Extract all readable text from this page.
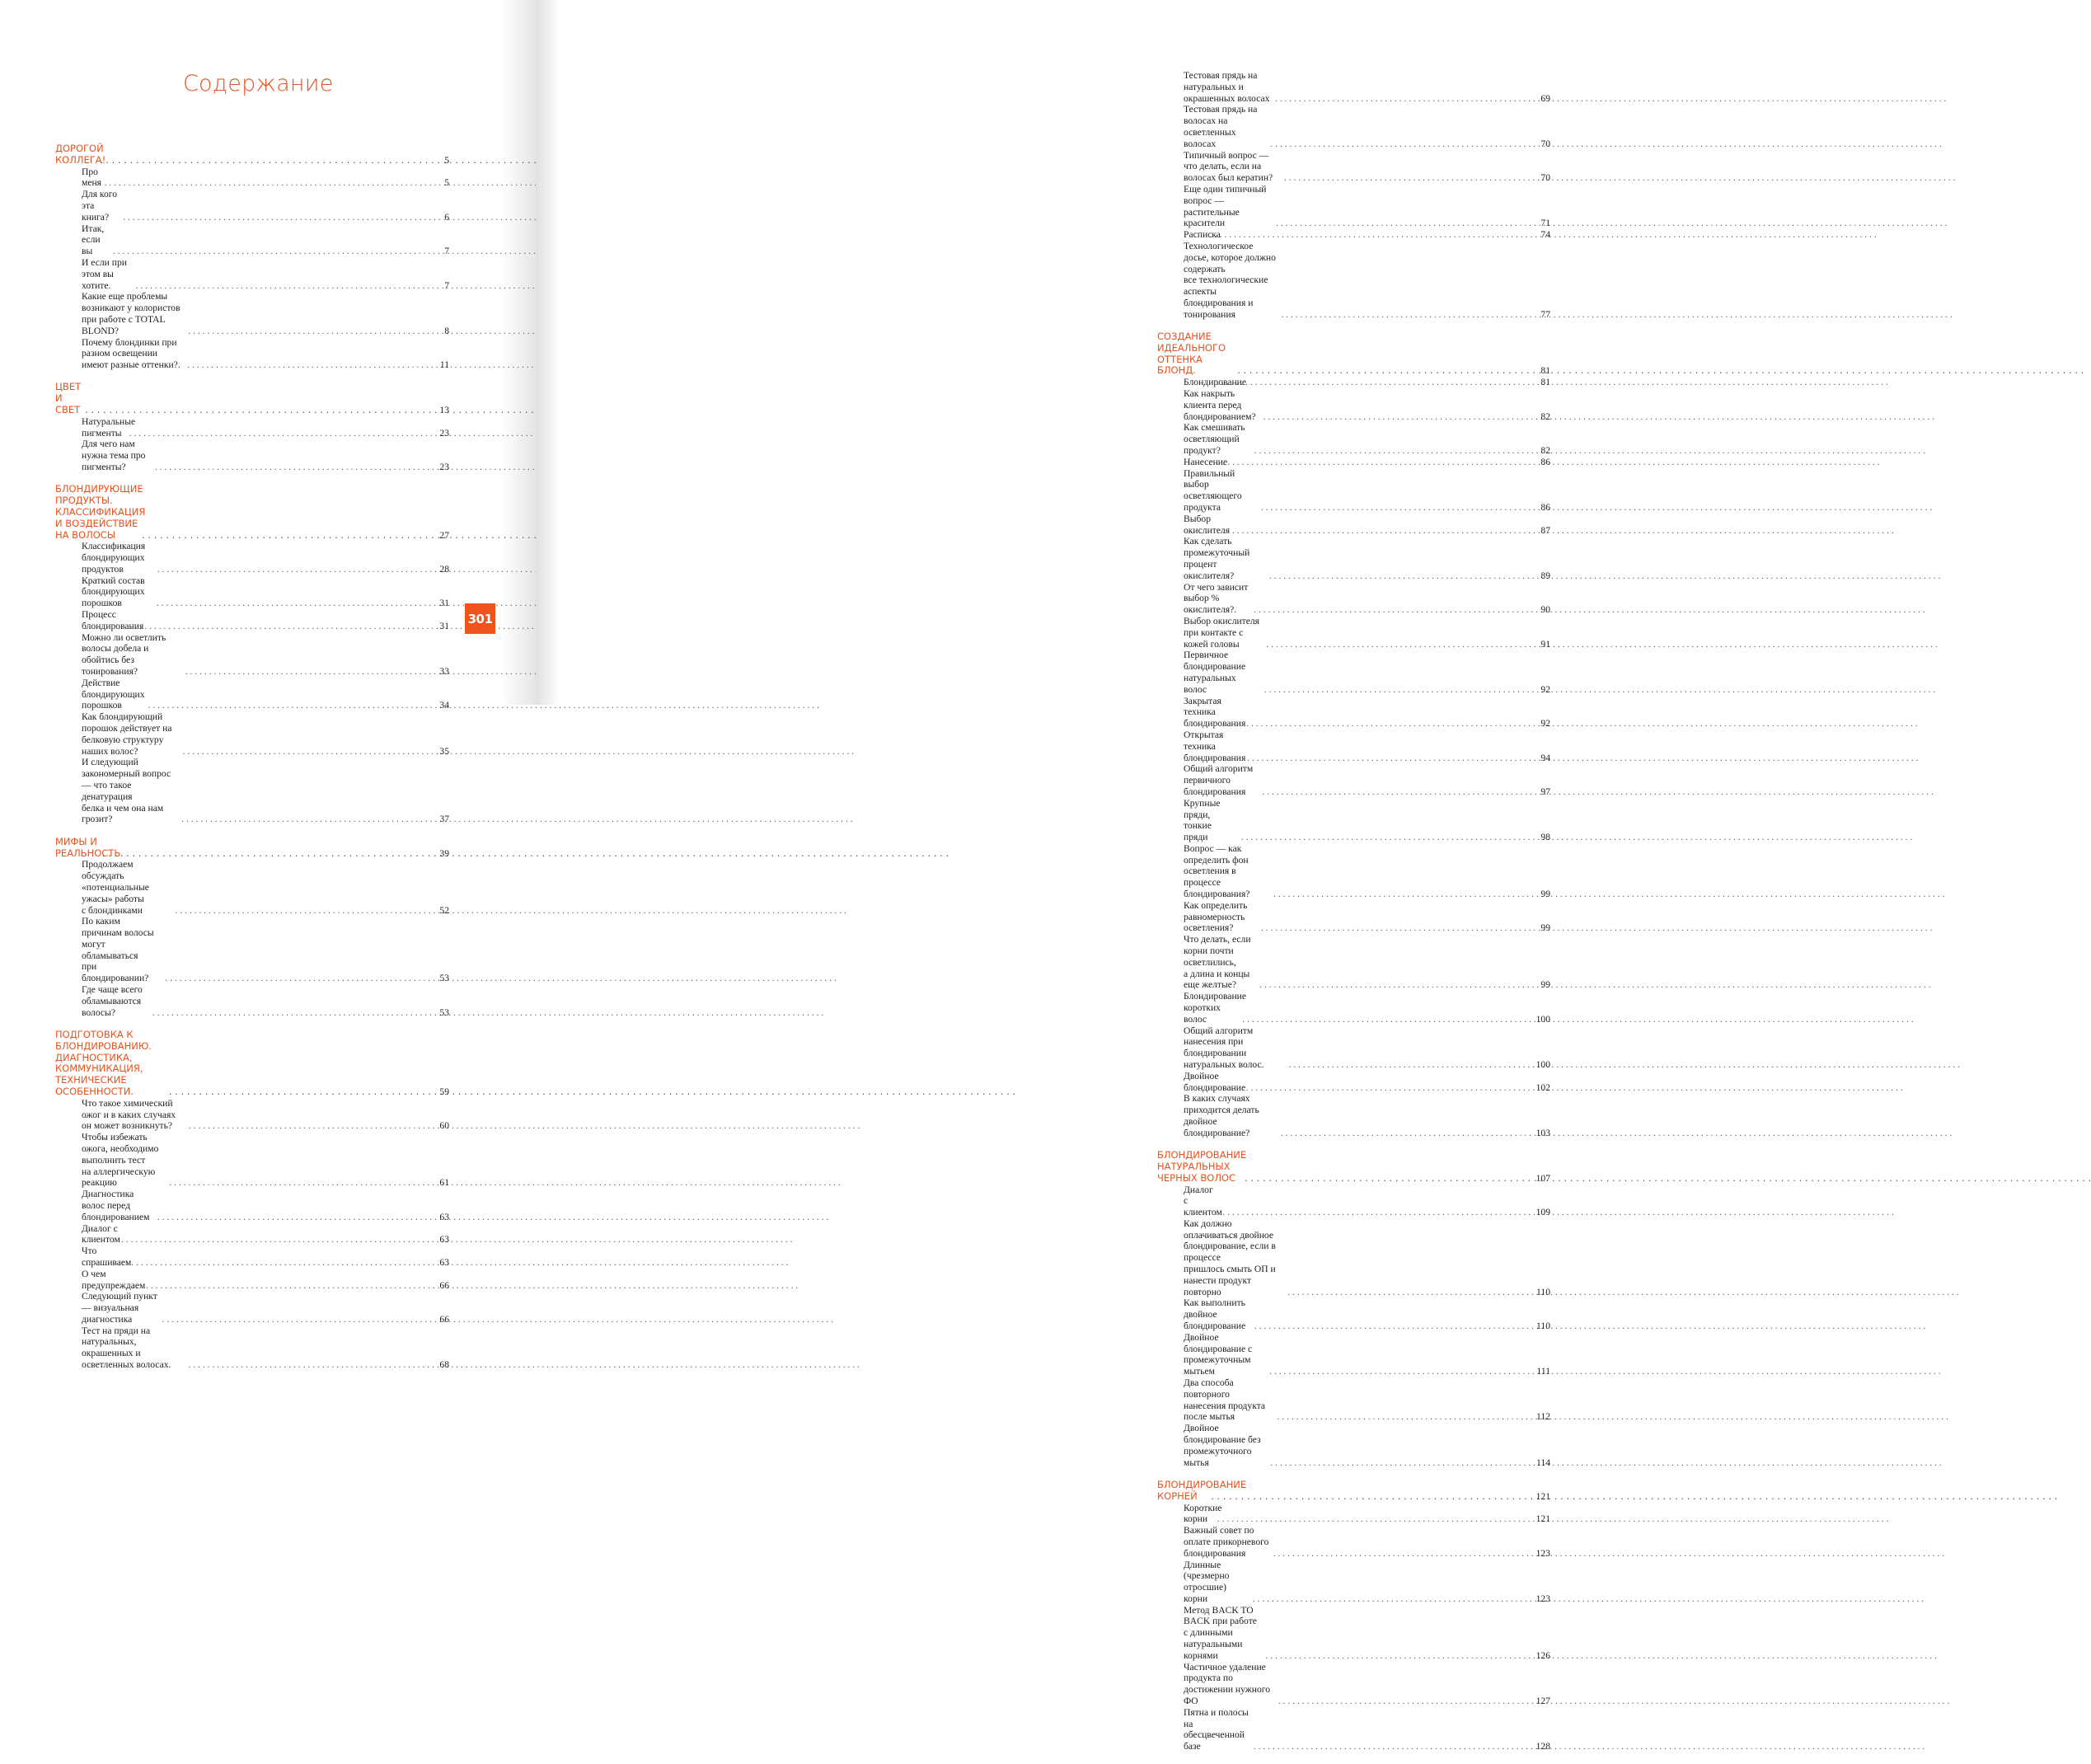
Содержание
ДОРОГОЙ КОЛЛЕГА! . . .	5
Про меня . . .	5
Для кого эта книга? . . .	6
Итак, если вы . . .	7
И если при этом вы хотите. . . .	7
Какие еще проблемы возникают у колористов при работе с TOTAL
BLOND? . . .	8
Почему блондинки при разном освещении имеют разные оттенки?. . . .	11
ЦВЕТ И СВЕТ . . .	13
Натуральные пигменты . . .	23
Для чего нам нужна тема про пигменты? . . .	23
БЛОНДИРУЮЩИЕ ПРОДУКТЫ.
КЛАССИФИКАЦИЯ И ВОЗДЕЙСТВИЕ НА ВОЛОСЫ . . .	27
Классификация блондирующих продуктов . . .	28
Краткий состав блондирующих порошков . . .	31
Процесс блондирования . . .	31
Можно ли осветлить волосы добела и обойтись без тонирования? . . .	33
Действие блондирующих порошков . . .	34
Как блондирующий порошок действует на белковую структуру
наших волос? . . .	35
И следующий закономерный вопрос — что такое денатурация
белка и чем она нам грозит? . . .	37
МИФЫ И РЕАЛЬНОСТЬ . . .	39
Продолжаем обсуждать «потенциальные ужасы» работы
с блондинками . . .	52
По каким причинам волосы могут обламываться
при блондировании? . . .	53
Где чаще всего обламываются волосы? . . .	53
ПОДГОТОВКА К БЛОНДИРОВАНИЮ. ДИАГНОСТИКА, КОММУНИКАЦИЯ,
ТЕХНИЧЕСКИЕ ОСОБЕННОСТИ. . . .	59
Что такое химический ожог и в каких случаях он может возникнуть? . . .	60
Чтобы избежать ожога, необходимо выполнить тест
на аллергическую реакцию . . .	61
Диагностика волос перед блондированием . . .	63
Диалог с клиентом . . .	63
Что спрашиваем . . .	63
О чем предупреждаем . . .	66
Следующий пункт — визуальная диагностика . . .	66
Тест на пряди на натуральных, окрашенных и осветленных волосах. . . .	68
301
Тестовая прядь на натуральных и окрашенных волосах . . .	69
Тестовая прядь на волосах на осветленных волосах . . .	70
Типичный вопрос — что делать, если на волосах был кератин? . . .	70
Еще один типичный вопрос — растительные красители . . .	71
Расписка . . .	74
Технологическое досье, которое должно содержать
все технологические аспекты блондирования и тонирования . . .	77
СОЗДАНИЕ ИДЕАЛЬНОГО ОТТЕНКА БЛОНД. . . .	81
Блондирование . . .	81
Как накрыть клиента перед блондированием? . . .	82
Как смешивать осветляющий продукт? . . .	82
Нанесение . . .	86
Правильный выбор осветляющего продукта . . .	86
Выбор окислителя . . .	87
Как сделать промежуточный процент окислителя? . . .	89
От чего зависит выбор % окислителя?. . . .	90
Выбор окислителя при контакте с кожей головы . . .	91
Первичное блондирование натуральных волос . . .	92
Закрытая техника блондирования . . .	92
Открытая техника блондирования . . .	94
Общий алгоритм первичного блондирования . . .	97
Крупные пряди, тонкие пряди . . .	98
Вопрос — как определить фон осветления в процессе
блондирования? . . .	99
Как определить равномерность осветления? . . .	99
Что делать, если корни почти осветлились,
а длина и концы еще желтые? . . .	99
Блондирование коротких волос . . .	100
Общий алгоритм нанесения при блондировании натуральных волос. . . .	100
Двойное блондирование . . .	102
В каких случаях приходится делать двойное блондирование? . . .	103
БЛОНДИРОВАНИЕ НАТУРАЛЬНЫХ ЧЕРНЫХ ВОЛОС . . .	107
Диалог с клиентом . . .	109
Как должно оплачиваться двойное блондирование, если в процессе
пришлось смыть ОП и нанести продукт повторно . . .	110
Как выполнить двойное блондирование . . .	110
Двойное блондирование с промежуточным мытьем . . .	111
Два способа повторного нанесения продукта после мытья . . .	112
Двойное блондирование без промежуточного мытья . . .	114
БЛОНДИРОВАНИЕ КОРНЕЙ . . .	121
Короткие корни . . .	121
Важный совет по оплате прикорневого блондирования . . .	123
Длинные (чрезмерно отросшие) корни . . .	123
Метод BACK TO BACK при работе с длинными
натуральными корнями . . .	126
Частичное удаление продукта по достижении нужного ФО . . .	127
Пятна и полосы на обесцвеченной базе . . .	128
